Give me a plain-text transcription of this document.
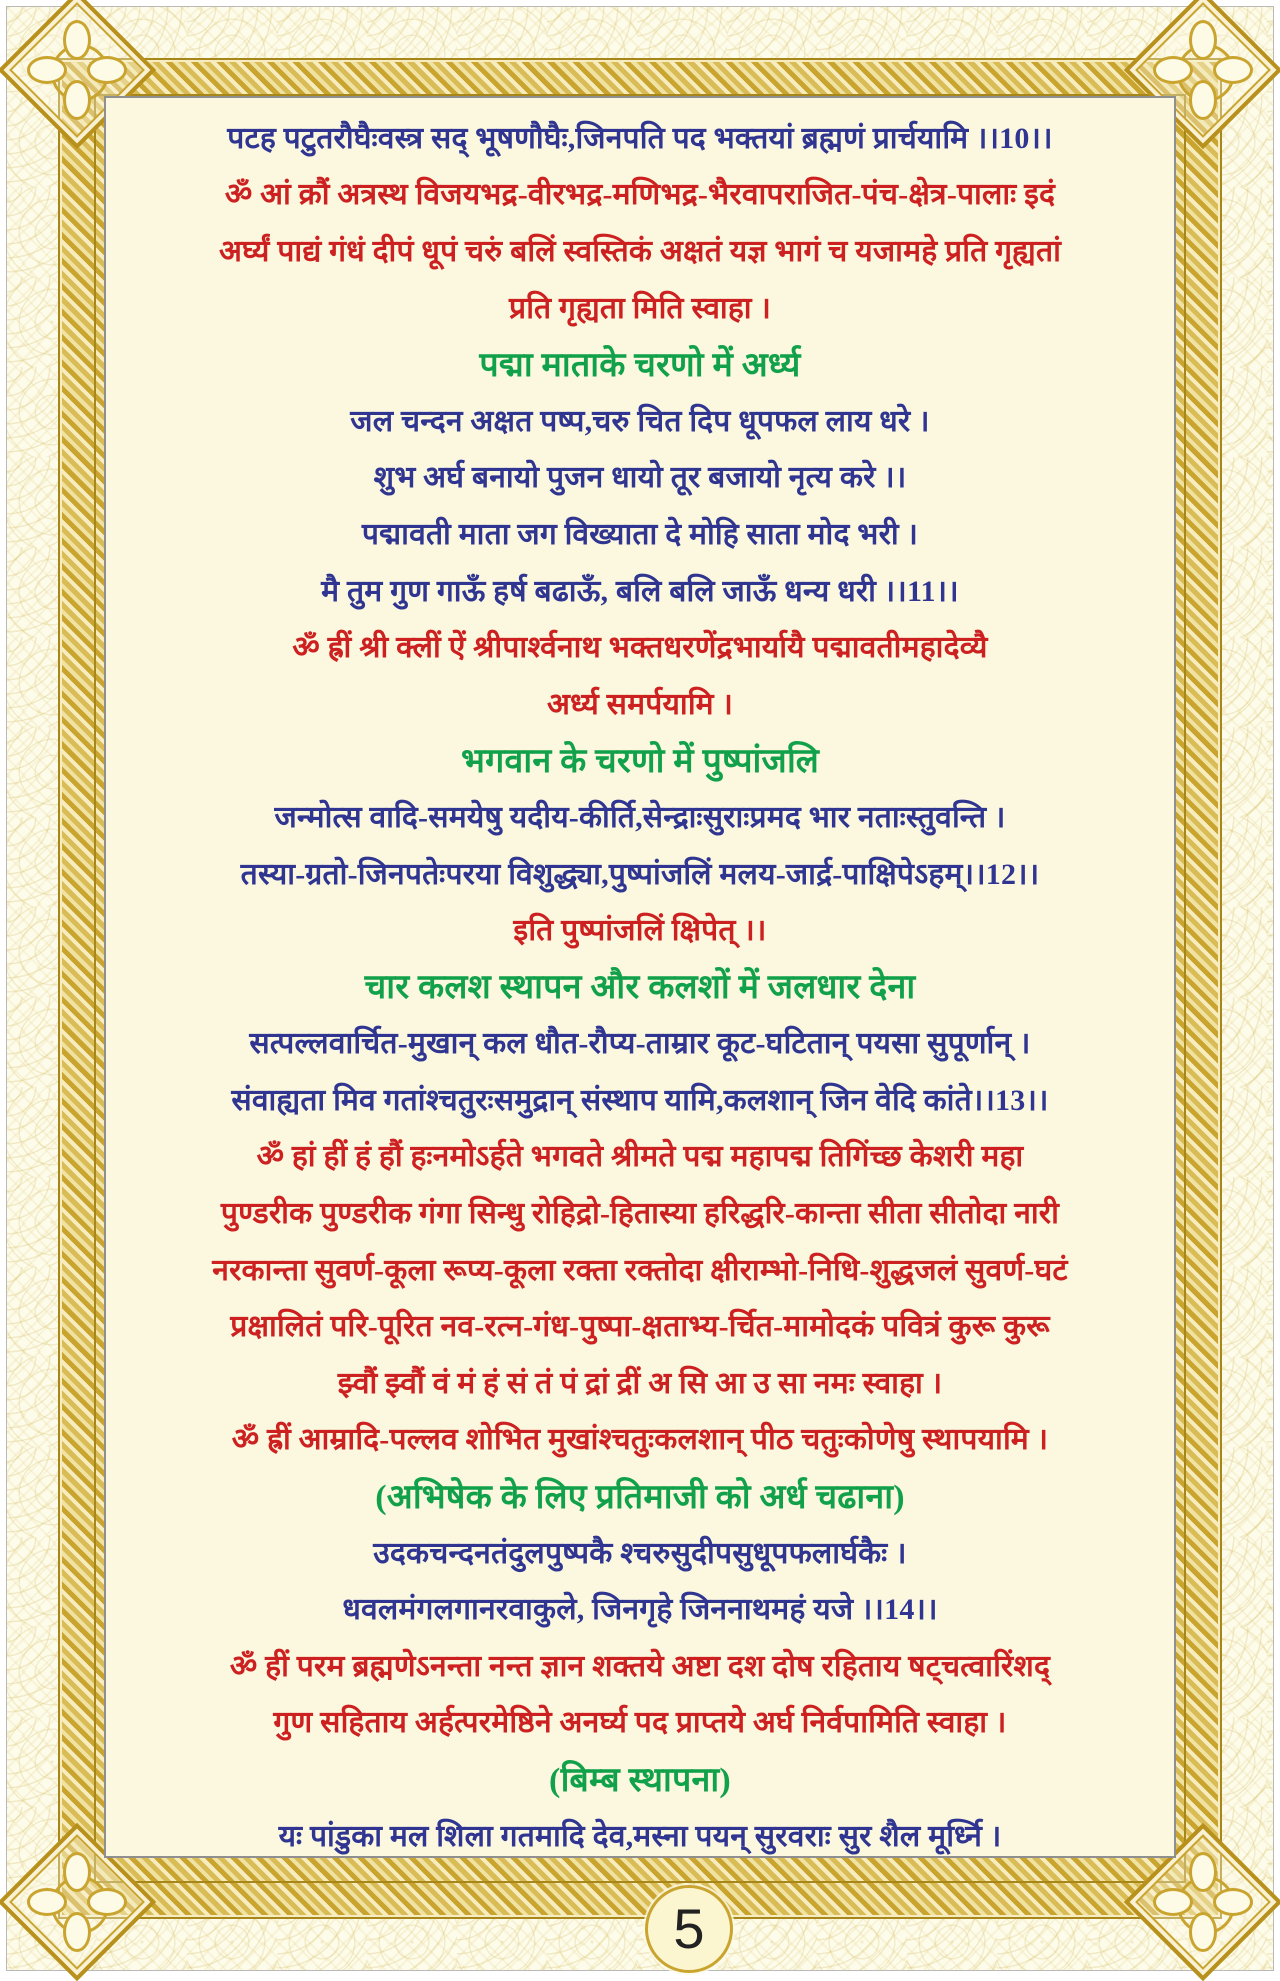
पटह पटुतरौघैःवस्त्र सद् भूषणौघैः,जिनपति पद भक्तयां ब्रह्मणं प्रार्चयामि ।।10।।
ॐ आं क्रौं अत्रस्थ विजयभद्र-वीरभद्र-मणिभद्र-भैरवापराजित-पंच-क्षेत्र-पालाः इदं
अर्घ्यं पाद्यं गंधं दीपं धूपं चरुं बलिं स्वस्तिकं अक्षतं यज्ञ भागं च यजामहे प्रति गृह्यतां
प्रति गृह्यता मिति स्वाहा ।
पद्मा माताके चरणो में अर्ध्य
जल चन्दन अक्षत पष्प,चरु चित दिप धूपफल लाय धरे ।
शुभ अर्घ बनायो पुजन धायो तूर बजायो नृत्य करे ।।
पद्मावती माता जग विख्याता दे मोहि साता मोद भरी ।
मै तुम गुण गाऊँ हर्ष बढाऊँ, बलि बलि जाऊँ धन्य धरी ।।11।।
ॐ ह्रीं श्री क्लीं ऐं श्रीपार्श्वनाथ भक्तधरणेंद्रभार्यायै पद्मावतीमहादेव्यै
अर्ध्य समर्पयामि ।
भगवान के चरणो में पुष्पांजलि
जन्मोत्स वादि-समयेषु यदीय-कीर्ति,सेन्द्राःसुराःप्रमद भार नताःस्तुवन्ति ।
तस्या-ग्रतो-जिनपतेःपरया विशुद्ध्या,पुष्पांजलिं मलय-जार्द्र-पाक्षिपेऽहम्।।12।।
इति पुष्पांजलिं क्षिपेत् ।।
चार कलश स्थापन और कलशों में जलधार देना
सत्पल्लवार्चित-मुखान् कल धौत-रौप्य-ताम्रार कूट-घटितान् पयसा सुपूर्णान् ।
संवाह्यता मिव गतांश्चतुरःसमुद्रान् संस्थाप यामि,कलशान् जिन वेदि कांते।।13।।
ॐ हां हीं हं हौं हःनमोऽर्हते भगवते श्रीमते पद्म महापद्म तिगिंच्छ केशरी महा
पुण्डरीक पुण्डरीक गंगा सिन्धु रोहिद्रो-हितास्या हरिद्धरि-कान्ता सीता सीतोदा नारी
नरकान्ता सुवर्ण-कूला रूप्य-कूला रक्ता रक्तोदा क्षीराम्भो-निधि-शुद्धजलं सुवर्ण-घटं
प्रक्षालितं परि-पूरित नव-रत्न-गंध-पुष्पा-क्षताभ्य-र्चित-मामोदकं पवित्रं कुरू कुरू
झ्वौं झ्वौं वं मं हं सं तं पं द्रां द्रीं अ सि आ उ सा नमः स्वाहा ।
ॐ ह्रीं आम्रादि-पल्लव शोभित मुखांश्चतुःकलशान् पीठ चतुःकोणेषु स्थापयामि ।
(अभिषेक के लिए प्रतिमाजी को अर्ध चढाना)
उदकचन्दनतंदुलपुष्पकै श्चरुसुदीपसुधूपफलार्घकैः ।
धवलमंगलगानरवाकुले, जिनगृहे जिननाथमहं यजे ।।14।।
ॐ हीं परम ब्रह्मणेऽनन्ता नन्त ज्ञान शक्तये अष्टा दश दोष रहिताय षट्चत्वारिंशद्
गुण सहिताय अर्हत्परमेष्ठिने अनर्घ्य पद प्राप्तये अर्घ निर्वपामिति स्वाहा ।
(बिम्ब स्थापना)
यः पांडुका मल शिला गतमादि देव,मस्ना पयन् सुरवराः सुर शैल मूर्ध्नि ।
5
